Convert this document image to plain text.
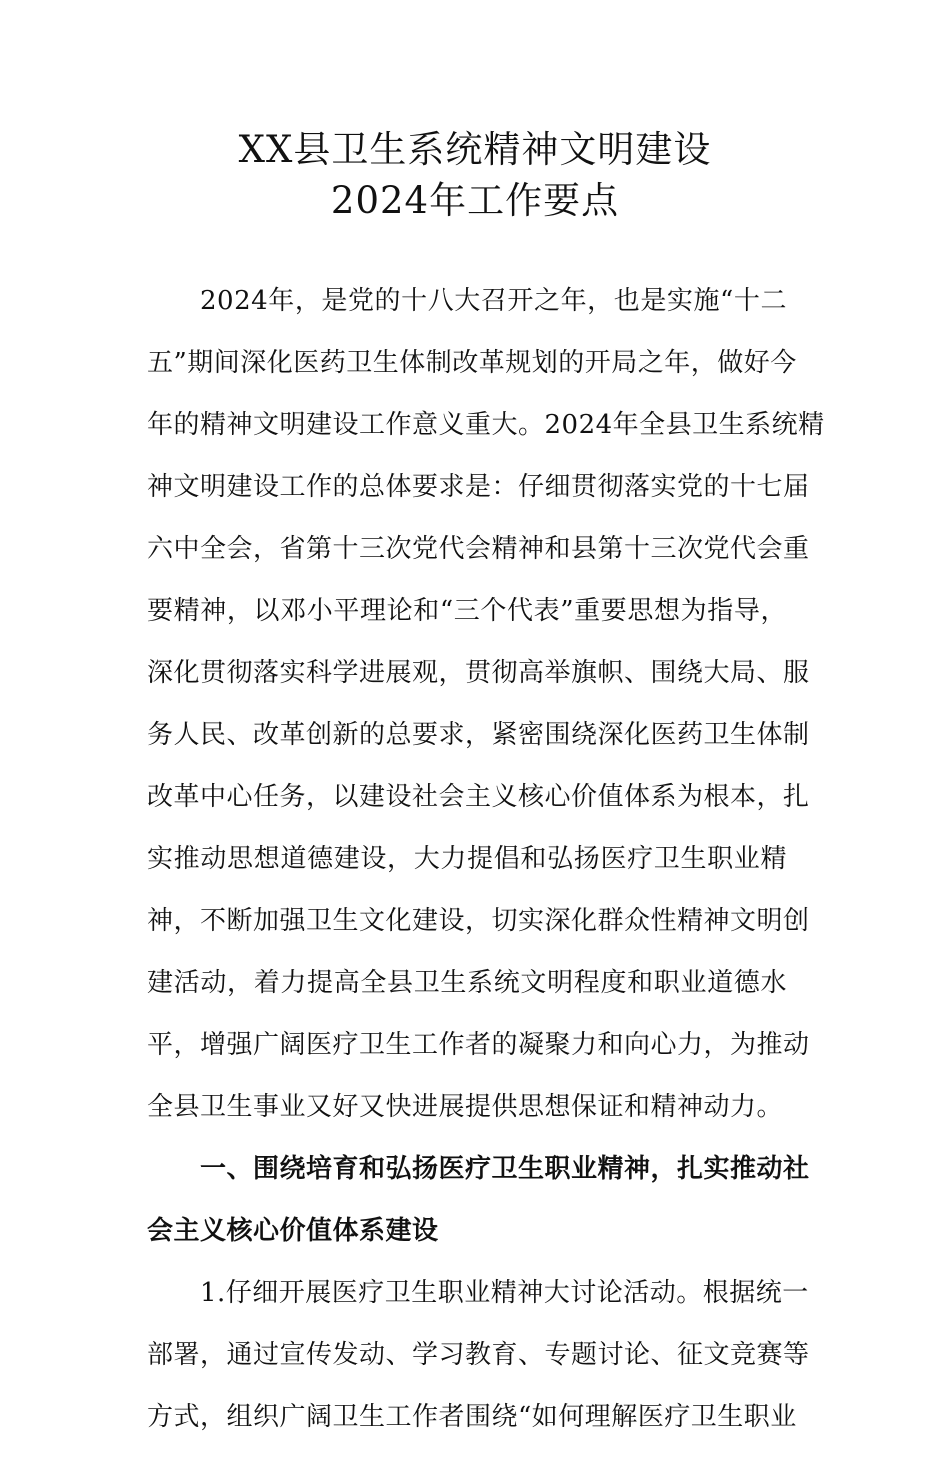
XX县卫生系统精神文明建设
2024年工作要点
2024年，是党的十八大召开之年，也是实施“十二
五”期间深化医药卫生体制改革规划的开局之年，做好今
年的精神文明建设工作意义重大。2024年全县卫生系统精
神文明建设工作的总体要求是：仔细贯彻落实党的十七届
六中全会，省第十三次党代会精神和县第十三次党代会重
要精神，以邓小平理论和“三个代表”重要思想为指导，
深化贯彻落实科学进展观，贯彻高举旗帜、围绕大局、服
务人民、改革创新的总要求，紧密围绕深化医药卫生体制
改革中心任务，以建设社会主义核心价值体系为根本，扎
实推动思想道德建设，大力提倡和弘扬医疗卫生职业精
神，不断加强卫生文化建设，切实深化群众性精神文明创
建活动，着力提高全县卫生系统文明程度和职业道德水
平，增强广阔医疗卫生工作者的凝聚力和向心力，为推动
全县卫生事业又好又快进展提供思想保证和精神动力。
一、围绕培育和弘扬医疗卫生职业精神，扎实推动社
会主义核心价值体系建设
1.仔细开展医疗卫生职业精神大讨论活动。根据统一
部署，通过宣传发动、学习教育、专题讨论、征文竞赛等
方式，组织广阔卫生工作者围绕“如何理解医疗卫生职业
